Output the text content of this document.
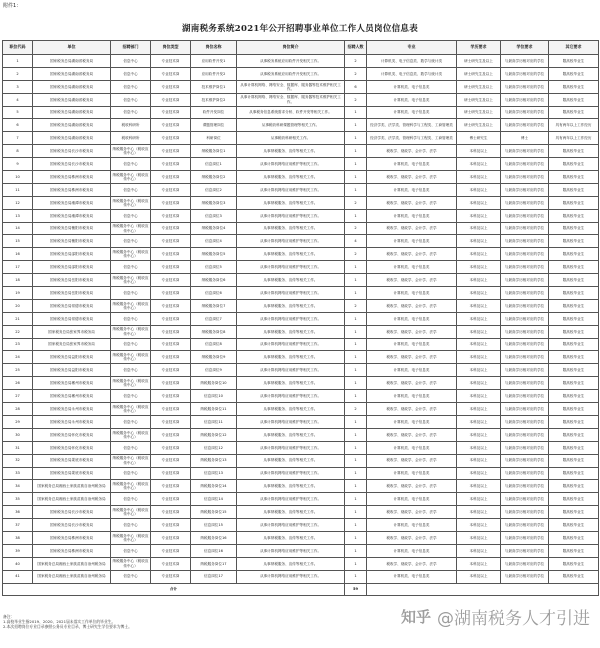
附件1：
湖南税务系统2021年公开招聘事业单位工作人员岗位信息表
职位代码	单位	招聘部门	岗位类型	岗位名称	岗位简介	招聘人数	专业	学历要求	学位要求	其它要求
1	国家税务总局湖南省税务局	信息中心	专业技术岗	应用软件开发1	从事税务系统应用软件开发相关工作。	2	计算机类、电子信息类、数学与统计类	研士研究生及以上	与最高学历相对应的学位	限高校毕业生
2	国家税务总局湖南省税务局	信息中心	专业技术岗	应用软件开发2	从事税务系统应用软件开发相关工作。	2	计算机类、电子信息类、数学与统计类	研士研究生及以上	与最高学历相对应的学位	限高校毕业生
3	国家税务总局湖南省税务局	信息中心	专业技术岗	技术维护岗位1	从事计算机网络、网络安全、数据库、服务器等技术维护相关工作。	6	计算机类、电子信息类	研士研究生及以上	与最高学历相对应的学位	限高校毕业生
4	国家税务总局湖南省税务局	信息中心	专业技术岗	技术维护岗位2	从事计算机网络、网络安全、数据库、服务器等技术维护相关工作。	2	计算机类、电子信息类	研士研究生及以上	与最高学历相对应的学位	限高校毕业生
5	国家税务总局湖南省税务局	信息中心	专业技术岗	软件开发岗位	从事税务信息系统需求分析、软件开发等相关工作。	1	计算机类、电子信息类	研士研究生及以上	与最高学历相对应的学位	限高校毕业生
6	国家税务总局湖南省税务局	税收科研所	专业技术岗	课题管理岗位	从事税收科研课题管理等相关工作。	1	经济学类、法学类、管理科学与工程类、工商管理类	研士研究生及以上	与最高学历相对应的学位	具有两年以上工作经历
7	国家税务总局湖南省税务局	税收科研所	专业技术岗	科研岗位	从事税收科研相关工作。	1	经济学类、法学类、管理科学与工程类、工商管理类	博士研究生	博士	具有两年以上工作经历
8	国家税务总局长沙市税务局	纳税服务中心（税收宣传中心）	专业技术岗	纳税服务岗位1	从事纳税服务、宣传等相关工作。	1	税收学、财政学、会计学、法学	本科及以上	与最高学历相对应的学位	限高校毕业生
9	国家税务总局长沙市税务局	信息中心	专业技术岗	信息岗位1	从事计算机网络应用维护等相关工作。	1	计算机类、电子信息类	本科及以上	与最高学历相对应的学位	限高校毕业生
10	国家税务总局株洲市税务局	纳税服务中心（税收宣传中心）	专业技术岗	纳税服务岗位2	从事纳税服务、宣传等相关工作。	1	税收学、财政学、会计学、法学	本科及以上	与最高学历相对应的学位	限高校毕业生
11	国家税务总局株洲市税务局	信息中心	专业技术岗	信息岗位2	从事计算机网络应用维护等相关工作。	1	计算机类、电子信息类	本科及以上	与最高学历相对应的学位	限高校毕业生
12	国家税务总局湘潭市税务局	纳税服务中心（税收宣传中心）	专业技术岗	纳税服务岗位3	从事纳税服务、宣传等相关工作。	2	税收学、财政学、会计学、法学	本科及以上	与最高学历相对应的学位	限高校毕业生
13	国家税务总局湘潭市税务局	信息中心	专业技术岗	信息岗位3	从事计算机网络应用维护等相关工作。	1	计算机类、电子信息类	本科及以上	与最高学历相对应的学位	限高校毕业生
14	国家税务总局衡阳市税务局	纳税服务中心（税收宣传中心）	专业技术岗	纳税服务岗位4	从事纳税服务、宣传等相关工作。	2	税收学、财政学、会计学、法学	本科及以上	与最高学历相对应的学位	限高校毕业生
15	国家税务总局衡阳市税务局	信息中心	专业技术岗	信息岗位4	从事计算机网络应用维护等相关工作。	4	计算机类、电子信息类	本科及以上	与最高学历相对应的学位	限高校毕业生
16	国家税务总局邵阳市税务局	纳税服务中心（税收宣传中心）	专业技术岗	纳税服务岗位5	从事纳税服务、宣传等相关工作。	2	税收学、财政学、会计学、法学	本科及以上	与最高学历相对应的学位	限高校毕业生
17	国家税务总局邵阳市税务局	信息中心	专业技术岗	信息岗位5	从事计算机网络应用维护等相关工作。	1	计算机类、电子信息类	本科及以上	与最高学历相对应的学位	限高校毕业生
18	国家税务总局岳阳市税务局	纳税服务中心（税收宣传中心）	专业技术岗	纳税服务岗位6	从事纳税服务、宣传等相关工作。	1	税收学、财政学、会计学、法学	本科及以上	与最高学历相对应的学位	限高校毕业生
19	国家税务总局岳阳市税务局	信息中心	专业技术岗	信息岗位6	从事计算机网络应用维护等相关工作。	1	计算机类、电子信息类	本科及以上	与最高学历相对应的学位	限高校毕业生
20	国家税务总局常德市税务局	纳税服务中心（税收宣传中心）	专业技术岗	纳税服务岗位7	从事纳税服务、宣传等相关工作。	2	税收学、财政学、会计学、法学	本科及以上	与最高学历相对应的学位	限高校毕业生
21	国家税务总局常德市税务局	信息中心	专业技术岗	信息岗位7	从事计算机网络应用维护等相关工作。	1	计算机类、电子信息类	本科及以上	与最高学历相对应的学位	限高校毕业生
22	国家税务总局张家界市税务局	纳税服务中心（税收宣传中心）	专业技术岗	纳税服务岗位8	从事纳税服务、宣传等相关工作。	1	税收学、财政学、会计学、法学	本科及以上	与最高学历相对应的学位	限高校毕业生
23	国家税务总局张家界市税务局	信息中心	专业技术岗	信息岗位8	从事计算机网络应用维护等相关工作。	1	计算机类、电子信息类	本科及以上	与最高学历相对应的学位	限高校毕业生
24	国家税务总局益阳市税务局	纳税服务中心（税收宣传中心）	专业技术岗	纳税服务岗位9	从事纳税服务、宣传等相关工作。	1	税收学、财政学、会计学、法学	本科及以上	与最高学历相对应的学位	限高校毕业生
25	国家税务总局益阳市税务局	信息中心	专业技术岗	信息岗位9	从事计算机网络应用维护等相关工作。	1	计算机类、电子信息类	本科及以上	与最高学历相对应的学位	限高校毕业生
26	国家税务总局郴州市税务局	纳税服务中心（税收宣传中心）	专业技术岗	纳税服务岗位10	从事纳税服务、宣传等相关工作。	1	税收学、财政学、会计学、法学	本科及以上	与最高学历相对应的学位	限高校毕业生
27	国家税务总局郴州市税务局	信息中心	专业技术岗	信息岗位10	从事计算机网络应用维护等相关工作。	1	计算机类、电子信息类	本科及以上	与最高学历相对应的学位	限高校毕业生
28	国家税务总局永州市税务局	纳税服务中心（税收宣传中心）	专业技术岗	纳税服务岗位11	从事纳税服务、宣传等相关工作。	2	税收学、财政学、会计学、法学	本科及以上	与最高学历相对应的学位	限高校毕业生
29	国家税务总局永州市税务局	信息中心	专业技术岗	信息岗位11	从事计算机网络应用维护等相关工作。	1	计算机类、电子信息类	本科及以上	与最高学历相对应的学位	限高校毕业生
30	国家税务总局怀化市税务局	纳税服务中心（税收宣传中心）	专业技术岗	纳税服务岗位12	从事纳税服务、宣传等相关工作。	1	税收学、财政学、会计学、法学	本科及以上	与最高学历相对应的学位	限高校毕业生
31	国家税务总局怀化市税务局	信息中心	专业技术岗	信息岗位12	从事计算机网络应用维护等相关工作。	1	计算机类、电子信息类	本科及以上	与最高学历相对应的学位	限高校毕业生
32	国家税务总局娄底市税务局	纳税服务中心（税收宣传中心）	专业技术岗	纳税服务岗位13	从事纳税服务、宣传等相关工作。	1	税收学、财政学、会计学、法学	本科及以上	与最高学历相对应的学位	限高校毕业生
33	国家税务总局娄底市税务局	信息中心	专业技术岗	信息岗位13	从事计算机网络应用维护等相关工作。	1	计算机类、电子信息类	本科及以上	与最高学历相对应的学位	限高校毕业生
34	国家税务总局湘西土家族苗族自治州税务局	纳税服务中心（税收宣传中心）	专业技术岗	纳税服务岗位14	从事纳税服务、宣传等相关工作。	1	税收学、财政学、会计学、法学	本科及以上	与最高学历相对应的学位	限高校毕业生
35	国家税务总局湘西土家族苗族自治州税务局	信息中心	专业技术岗	信息岗位14	从事计算机网络应用维护等相关工作。	1	计算机类、电子信息类	本科及以上	与最高学历相对应的学位	限高校毕业生
36	国家税务总局长沙市税务局	纳税服务中心（税收宣传中心）	专业技术岗	纳税服务岗位15	从事纳税服务、宣传等相关工作。	1	税收学、财政学、会计学、法学	本科及以上	与最高学历相对应的学位	限高校毕业生
37	国家税务总局长沙市税务局	信息中心	专业技术岗	信息岗位15	从事计算机网络应用维护等相关工作。	1	计算机类、电子信息类	本科及以上	与最高学历相对应的学位	限高校毕业生
38	国家税务总局株洲市税务局	纳税服务中心（税收宣传中心）	专业技术岗	纳税服务岗位16	从事纳税服务、宣传等相关工作。	1	税收学、财政学、会计学、法学	本科及以上	与最高学历相对应的学位	限高校毕业生
39	国家税务总局株洲市税务局	信息中心	专业技术岗	信息岗位16	从事计算机网络应用维护等相关工作。	1	计算机类、电子信息类	本科及以上	与最高学历相对应的学位	限高校毕业生
40	国家税务总局湘西土家族苗族自治州税务局	纳税服务中心（税收宣传中心）	专业技术岗	纳税服务岗位17	从事纳税服务、宣传等相关工作。	1	税收学、财政学、会计学、法学	本科及以上	与最高学历相对应的学位	限高校毕业生
41	国家税务总局湘西土家族苗族自治州税务局	信息中心	专业技术岗	信息岗位17	从事计算机网络应用维护等相关工作。	1	计算机类、电子信息类	本科及以上	与最高学历相对应的学位	限高校毕业生
合计						59				
备注：
1.高校毕业生指2019、2020、2021届未落实工作单位的毕业生。
2.本次招聘岗位专业目录参照公务员专业目录，博士研究生学位要求为博士。
知乎 @湖南税务人才引进
